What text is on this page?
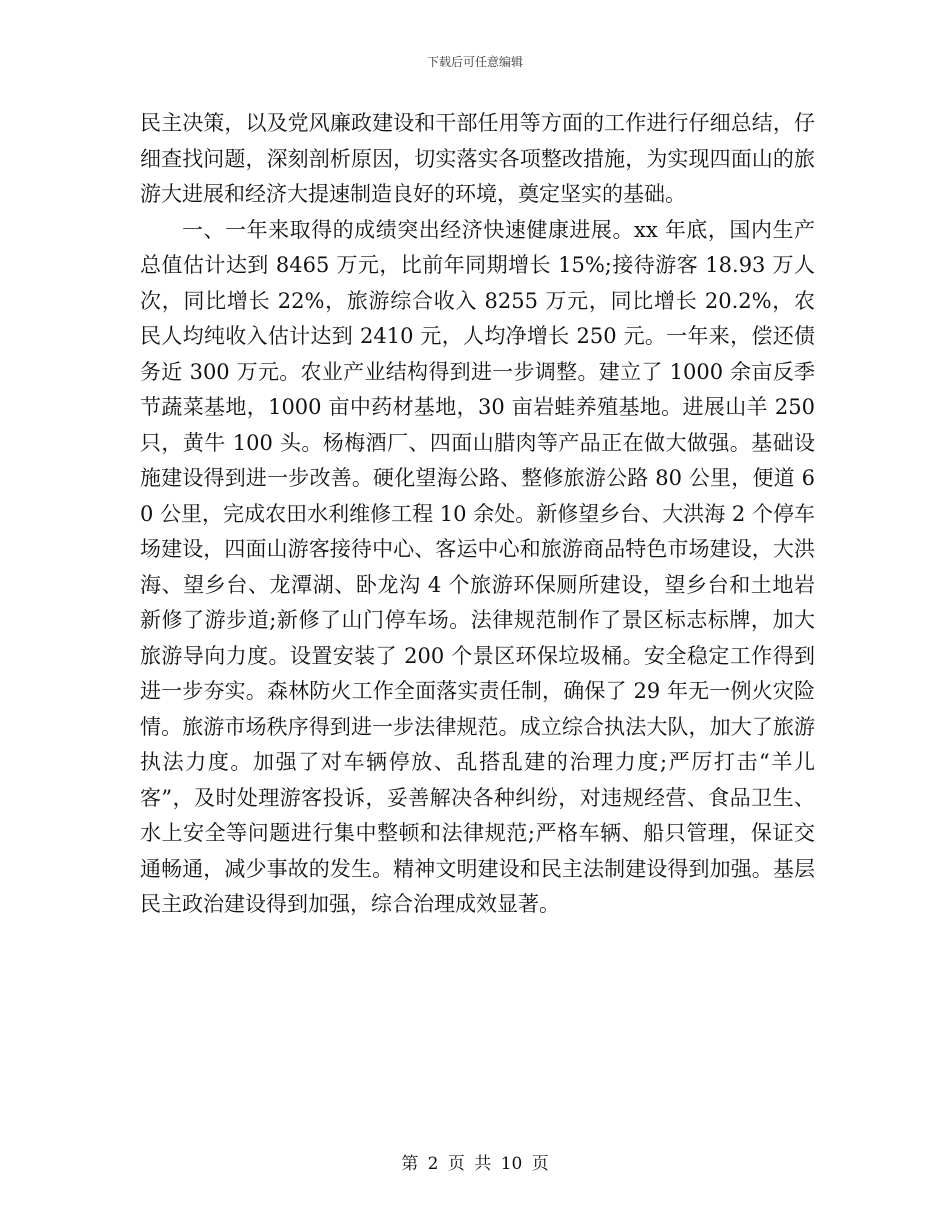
下载后可任意编辑

民主决策，以及党风廉政建设和干部任用等方面的工作进行仔细总结，仔细查找问题，深刻剖析原因，切实落实各项整改措施，为实现四面山的旅游大进展和经济大提速制造良好的环境，奠定坚实的基础。

一、一年来取得的成绩突出经济快速健康进展。xx 年底，国内生产总值估计达到 8465 万元，比前年同期增长 15%;接待游客 18.93 万人次，同比增长 22%，旅游综合收入 8255 万元，同比增长 20.2%，农民人均纯收入估计达到 2410 元，人均净增长 250 元。一年来，偿还债务近 300 万元。农业产业结构得到进一步调整。建立了 1000 余亩反季节蔬菜基地，1000 亩中药材基地，30 亩岩蛙养殖基地。进展山羊 250 只，黄牛 100 头。杨梅酒厂、四面山腊肉等产品正在做大做强。基础设施建设得到进一步改善。硬化望海公路、整修旅游公路 80 公里，便道 60 公里，完成农田水利维修工程 10 余处。新修望乡台、大洪海 2 个停车场建设，四面山游客接待中心、客运中心和旅游商品特色市场建设，大洪海、望乡台、龙潭湖、卧龙沟 4 个旅游环保厕所建设，望乡台和土地岩新修了游步道;新修了山门停车场。法律规范制作了景区标志标牌，加大旅游导向力度。设置安装了 200 个景区环保垃圾桶。安全稳定工作得到进一步夯实。森林防火工作全面落实责任制，确保了 29 年无一例火灾险情。旅游市场秩序得到进一步法律规范。成立综合执法大队，加大了旅游执法力度。加强了对车辆停放、乱搭乱建的治理力度;严厉打击“羊儿客”，及时处理游客投诉，妥善解决各种纠纷，对违规经营、食品卫生、水上安全等问题进行集中整顿和法律规范;严格车辆、船只管理，保证交通畅通，减少事故的发生。精神文明建设和民主法制建设得到加强。基层民主政治建设得到加强，综合治理成效显著。

第 2 页 共 10 页
